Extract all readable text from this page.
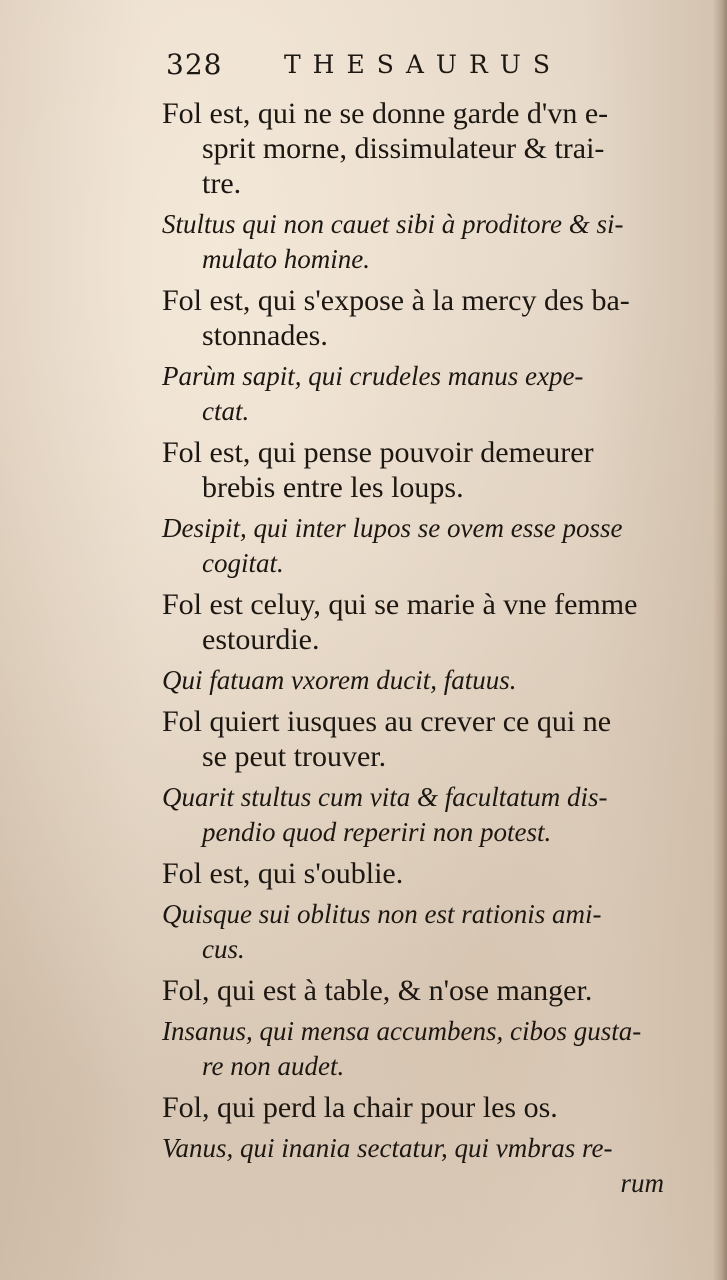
328 THESAURUS
Fol est, qui ne se donne garde d'vn e-
sprit morne, dissimulateur & trai-
tre.
Stultus qui non cauet sibi à proditore & si-
mulato homine.
Fol est, qui s'expose à la mercy des ba-
stonnades.
Parùm sapit, qui crudeles manus expe-
ctat.
Fol est, qui pense pouvoir demeurer
brebis entre les loups.
Desipit, qui inter lupos se ovem esse posse
cogitat.
Fol est celuy, qui se marie à vne femme
estourdie.
Qui fatuam vxorem ducit, fatuus.
Fol quiert iusques au crever ce qui ne
se peut trouver.
Quarit stultus cum vita & facultatum dis-
pendio quod reperiri non potest.
Fol est, qui s'oublie.
Quisque sui oblitus non est rationis ami-
cus.
Fol, qui est à table, & n'ose manger.
Insanus, qui mensa accumbens, cibos gusta-
re non audet.
Fol, qui perd la chair pour les os.
Vanus, qui inania sectatur, qui vmbras re-
rum
